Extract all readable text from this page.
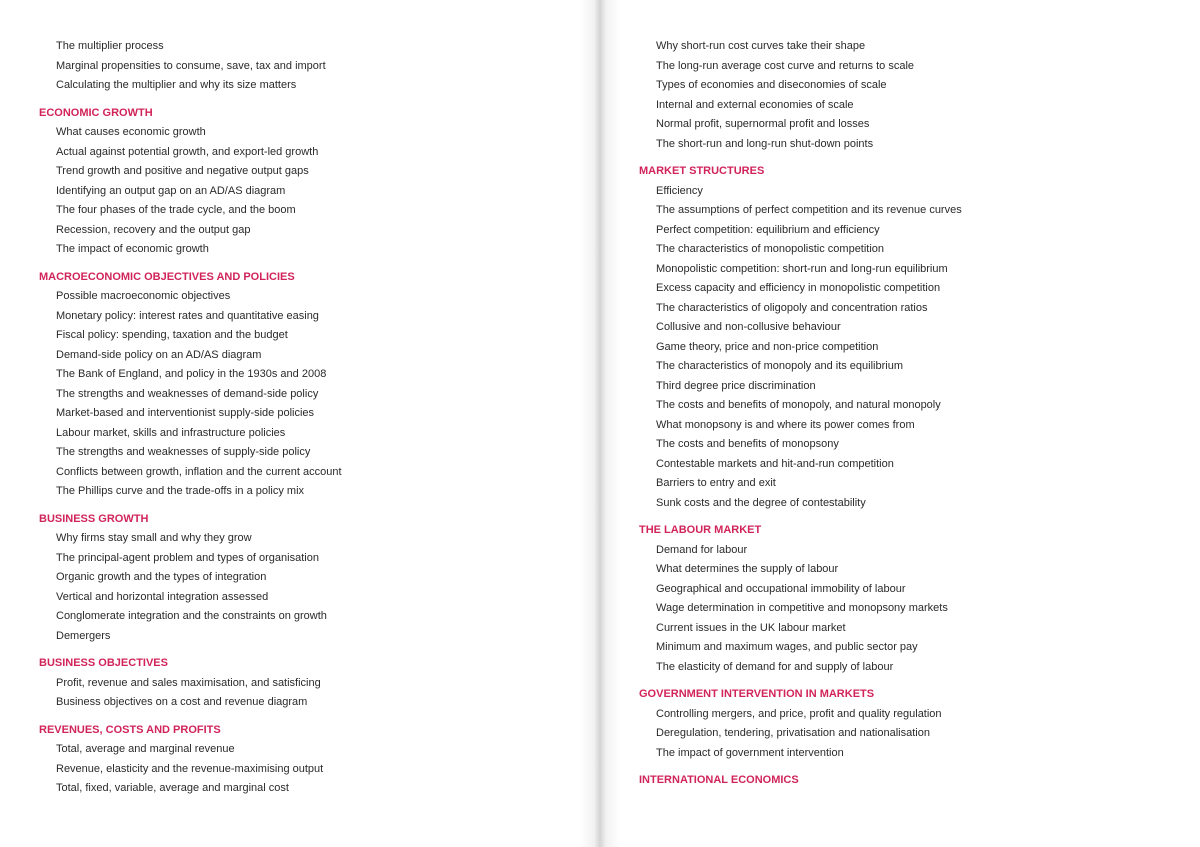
The multiplier process
Marginal propensities to consume, save, tax and import
Calculating the multiplier and why its size matters
ECONOMIC GROWTH
What causes economic growth
Actual against potential growth, and export-led growth
Trend growth and positive and negative output gaps
Identifying an output gap on an AD/AS diagram
The four phases of the trade cycle, and the boom
Recession, recovery and the output gap
The impact of economic growth
MACROECONOMIC OBJECTIVES AND POLICIES
Possible macroeconomic objectives
Monetary policy: interest rates and quantitative easing
Fiscal policy: spending, taxation and the budget
Demand-side policy on an AD/AS diagram
The Bank of England, and policy in the 1930s and 2008
The strengths and weaknesses of demand-side policy
Market-based and interventionist supply-side policies
Labour market, skills and infrastructure policies
The strengths and weaknesses of supply-side policy
Conflicts between growth, inflation and the current account
The Phillips curve and the trade-offs in a policy mix
BUSINESS GROWTH
Why firms stay small and why they grow
The principal-agent problem and types of organisation
Organic growth and the types of integration
Vertical and horizontal integration assessed
Conglomerate integration and the constraints on growth
Demergers
BUSINESS OBJECTIVES
Profit, revenue and sales maximisation, and satisficing
Business objectives on a cost and revenue diagram
REVENUES, COSTS AND PROFITS
Total, average and marginal revenue
Revenue, elasticity and the revenue-maximising output
Total, fixed, variable, average and marginal cost
Why short-run cost curves take their shape
The long-run average cost curve and returns to scale
Types of economies and diseconomies of scale
Internal and external economies of scale
Normal profit, supernormal profit and losses
The short-run and long-run shut-down points
MARKET STRUCTURES
Efficiency
The assumptions of perfect competition and its revenue curves
Perfect competition: equilibrium and efficiency
The characteristics of monopolistic competition
Monopolistic competition: short-run and long-run equilibrium
Excess capacity and efficiency in monopolistic competition
The characteristics of oligopoly and concentration ratios
Collusive and non-collusive behaviour
Game theory, price and non-price competition
The characteristics of monopoly and its equilibrium
Third degree price discrimination
The costs and benefits of monopoly, and natural monopoly
What monopsony is and where its power comes from
The costs and benefits of monopsony
Contestable markets and hit-and-run competition
Barriers to entry and exit
Sunk costs and the degree of contestability
THE LABOUR MARKET
Demand for labour
What determines the supply of labour
Geographical and occupational immobility of labour
Wage determination in competitive and monopsony markets
Current issues in the UK labour market
Minimum and maximum wages, and public sector pay
The elasticity of demand for and supply of labour
GOVERNMENT INTERVENTION IN MARKETS
Controlling mergers, and price, profit and quality regulation
Deregulation, tendering, privatisation and nationalisation
The impact of government intervention
INTERNATIONAL ECONOMICS
